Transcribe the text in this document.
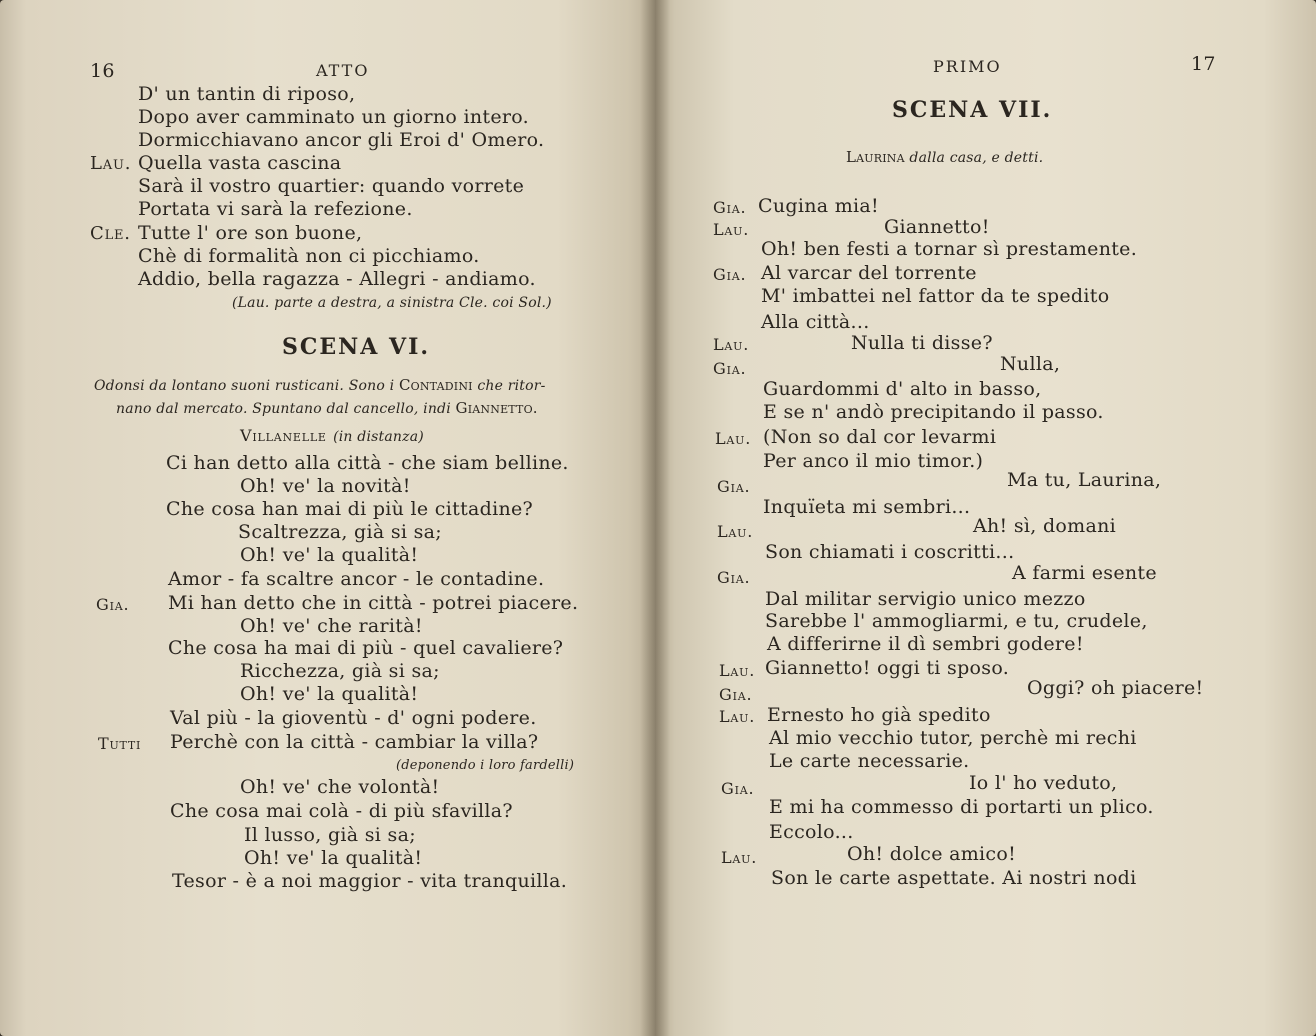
16	ATTO
D' un tantin di riposo,
Dopo aver camminato un giorno intero.
Dormicchiavano ancor gli Eroi d' Omero.
Lau. Quella vasta cascina
Sarà il vostro quartier: quando vorrete
Portata vi sarà la refezione.
Cle. Tutte l' ore son buone,
Chè di formalità non ci picchiamo.
Addio, bella ragazza - Allegri - andiamo.
(Lau. parte a destra, a sinistra Cle. coi Sol.)
SCENA VI.
Odonsi da lontano suoni rusticani. Sono i Contadini che ritor-
nano dal mercato. Spuntano dal cancello, indi Giannetto.
Villanelle (in distanza)
Ci han detto alla città - che siam belline.
Oh! ve' la novità!
Che cosa han mai di più le cittadine?
Scaltrezza, già si sa;
Oh! ve' la qualità!
Amor - fa scaltre ancor - le contadine.
Gia. Mi han detto che in città - potrei piacere.
Oh! ve' che rarità!
Che cosa ha mai di più - quel cavaliere?
Ricchezza, già si sa;
Oh! ve' la qualità!
Val più - la gioventù - d' ogni podere.
Tutti Perchè con la città - cambiar la villa?
(deponendo i loro fardelli)
Oh! ve' che volontà!
Che cosa mai colà - di più sfavilla?
Il lusso, già si sa;
Oh! ve' la qualità!
Tesor - è a noi maggior - vita tranquilla.
PRIMO	17
SCENA VII.
Laurina dalla casa, e detti.
Gia. Cugina mia!
Lau.	Giannetto!
Oh! ben festi a tornar sì prestamente.
Gia. Al varcar del torrente
M' imbattei nel fattor da te spedito
Alla città...
Lau.	Nulla ti disse?
Gia.	Nulla,
Guardommi d' alto in basso,
E se n' andò precipitando il passo.
Lau. (Non so dal cor levarmi
Per anco il mio timor.)
Gia.	Ma tu, Laurina,
Inquïeta mi sembri...
Lau.	Ah! sì, domani
Son chiamati i coscritti...
Gia.	A farmi esente
Dal militar servigio unico mezzo
Sarebbe l' ammogliarmi, e tu, crudele,
A differirne il dì sembri godere!
Lau. Giannetto! oggi ti sposo.
Gia.	Oggi? oh piacere!
Lau. Ernesto ho già spedito
Al mio vecchio tutor, perchè mi rechi
Le carte necessarie.
Gia.	Io l' ho veduto,
E mi ha commesso di portarti un plico.
Eccolo...
Lau.	Oh! dolce amico!
Son le carte aspettate. Ai nostri nodi
